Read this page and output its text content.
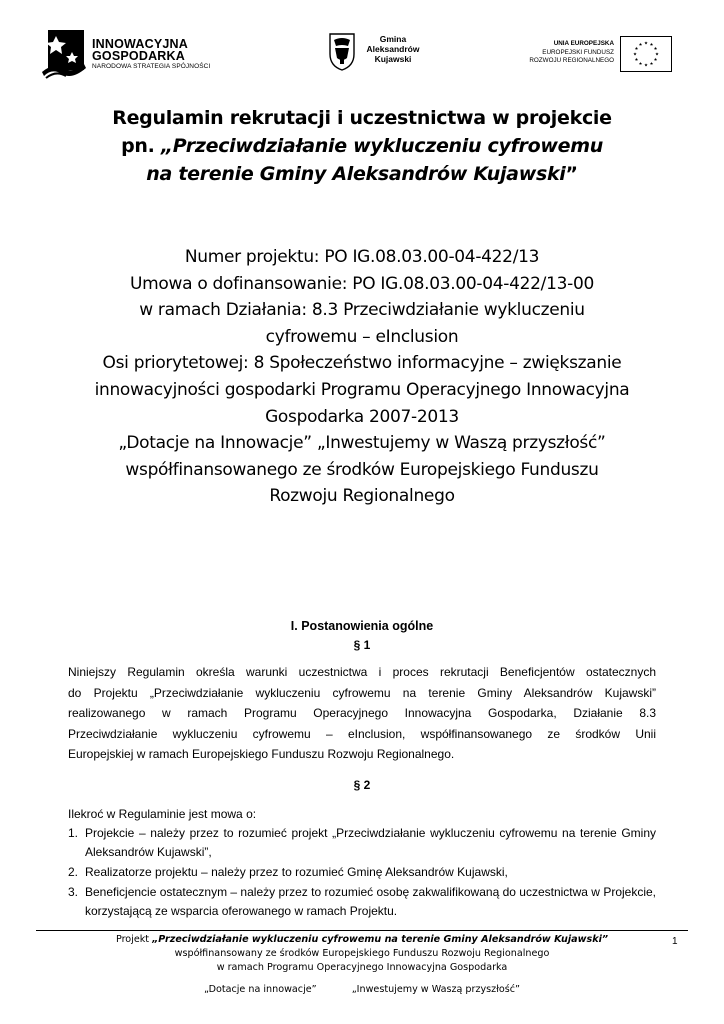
INNOWACYJNA
GOSPODARKA
NARODOWA STRATEGIA SPÓJNOŚCI
Gmina
Aleksandrów
Kujawski
UNIA EUROPEJSKA
EUROPEJSKI FUNDUSZ
ROZWOJU REGIONALNEGO
Regulamin rekrutacji i uczestnictwa w projekcie
pn. „Przeciwdziałanie wykluczeniu cyfrowemu
na terenie Gminy Aleksandrów Kujawski”
Numer projektu: PO IG.08.03.00-04-422/13
Umowa o dofinansowanie: PO IG.08.03.00-04-422/13-00
w ramach Działania: 8.3 Przeciwdziałanie wykluczeniu
cyfrowemu – eInclusion
Osi priorytetowej: 8 Społeczeństwo informacyjne – zwiększanie
innowacyjności gospodarki Programu Operacyjnego Innowacyjna
Gospodarka 2007-2013
„Dotacje na Innowacje” „Inwestujemy w Waszą przyszłość”
współfinansowanego ze środków Europejskiego Funduszu
Rozwoju Regionalnego
I. Postanowienia ogólne
§ 1
Niniejszy Regulamin określa warunki uczestnictwa i proces rekrutacji Beneficjentów ostatecznych
do Projektu „Przeciwdziałanie wykluczeniu cyfrowemu na terenie Gminy Aleksandrów Kujawski”
realizowanego w ramach Programu Operacyjnego Innowacyjna Gospodarka, Działanie 8.3
Przeciwdziałanie wykluczeniu cyfrowemu – eInclusion, współfinansowanego ze środków Unii
Europejskiej w ramach Europejskiego Funduszu Rozwoju Regionalnego.
§ 2
Ilekroć w Regulaminie jest mowa o:
1. Projekcie – należy przez to rozumieć projekt „Przeciwdziałanie wykluczeniu cyfrowemu na terenie Gminy Aleksandrów Kujawski”,
2. Realizatorze projektu – należy przez to rozumieć Gminę Aleksandrów Kujawski,
3. Beneficjencie ostatecznym – należy przez to rozumieć osobę zakwalifikowaną do uczestnictwa w Projekcie, korzystającą ze wsparcia oferowanego w ramach Projektu.
Projekt „Przeciwdziałanie wykluczeniu cyfrowemu na terenie Gminy Aleksandrów Kujawski”
współfinansowany ze środków Europejskiego Funduszu Rozwoju Regionalnego
w ramach Programu Operacyjnego Innowacyjna Gospodarka
1
„Dotacje na innowacje”	„Inwestujemy w Waszą przyszłość”
